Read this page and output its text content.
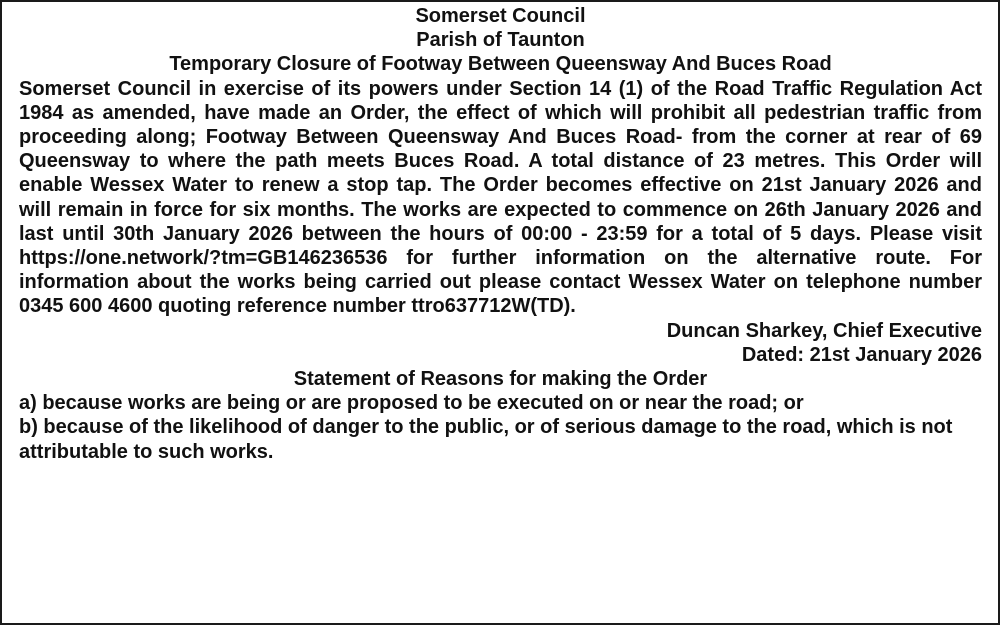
Somerset Council

Parish of Taunton

Temporary Closure of Footway Between Queensway And Buces Road

Somerset Council in exercise of its powers under Section 14 (1) of the Road Traffic Regulation Act 1984 as amended, have made an Order, the effect of which will prohibit all pedestrian traffic from proceeding along; Footway Between Queensway And Buces Road- from the corner at rear of 69 Queensway to where the path meets Buces Road. A total distance of 23 metres. This Order will enable Wessex Water to renew a stop tap. The Order becomes effective on 21st January 2026 and will remain in force for six months. The works are expected to commence on 26th January 2026 and last until 30th January 2026 between the hours of 00:00 - 23:59 for a total of 5 days. Please visit https://one.network/?tm=GB146236536 for further information on the alternative route. For information about the works being carried out please contact Wessex Water on telephone number 0345 600 4600 quoting reference number ttro637712W(TD).

Duncan Sharkey, Chief Executive

Dated: 21st January 2026

Statement of Reasons for making the Order

a) because works are being or are proposed to be executed on or near the road; or

b) because of the likelihood of danger to the public, or of serious damage to the road, which is not attributable to such works.
